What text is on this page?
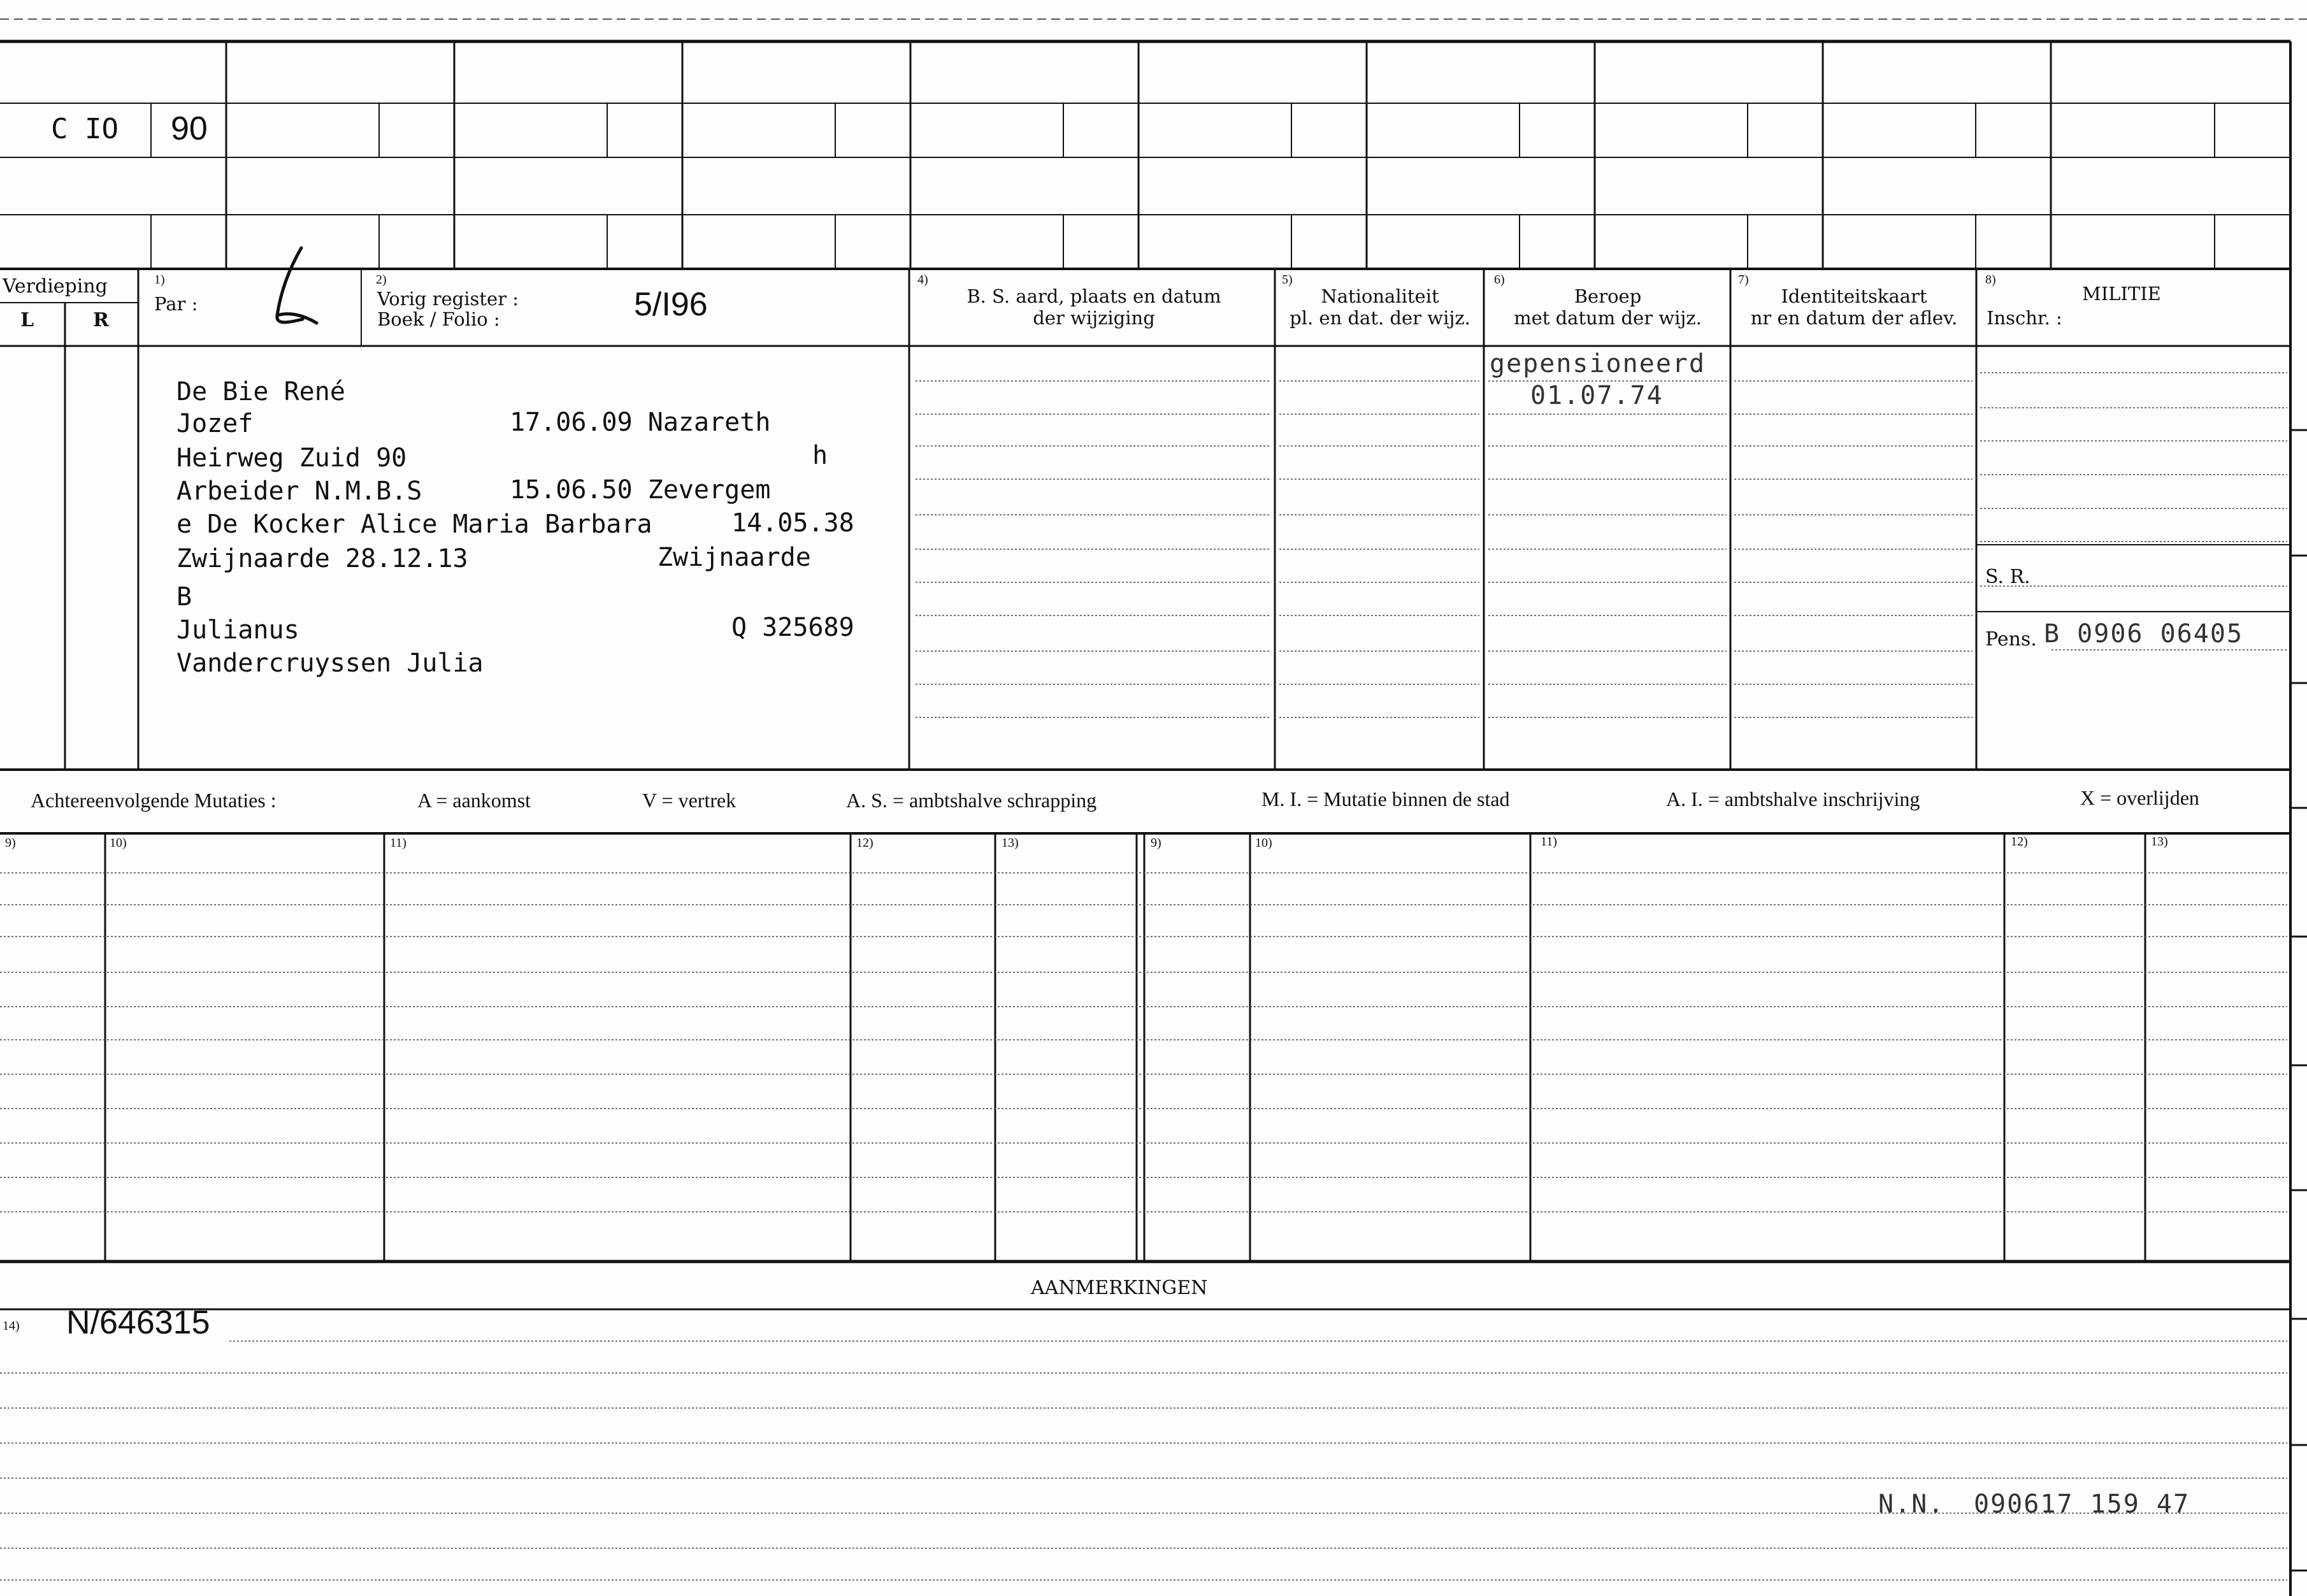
C IO 90
Verdieping
L	R
1)
Par :
2)
Vorig register :
Boek / Folio :	5/I96
4)
B. S. aard, plaats en datum
der wijziging
5)
Nationaliteit
pl. en dat. der wijz.
6)
Beroep
met datum der wijz.
7)
Identiteitskaart
nr en datum der aflev.
8)
MILITIE
Inschr. :
De Bie René
Jozef	17.06.09 Nazareth
Heirweg Zuid 90	h
Arbeider N.M.B.S	15.06.50 Zevergem
e De Kocker Alice Maria Barbara	14.05.38
Zwijnaarde 28.12.13	Zwijnaarde
B
Julianus	Q 325689
Vandercruyssen Julia
gepensioneerd
01.07.74
S. R.
Pens. B 0906 06405
Achtereenvolgende Mutaties :	A = aankomst	V = vertrek	A. S. = ambtshalve schrapping	M. I. = Mutatie binnen de stad	A. I. = ambtshalve inschrijving	X = overlijden
9)	10)	11)	12)	13)	9)	10)	11)	12)	13)
AANMERKINGEN
14) N/646315
N.N. 090617 159 47
